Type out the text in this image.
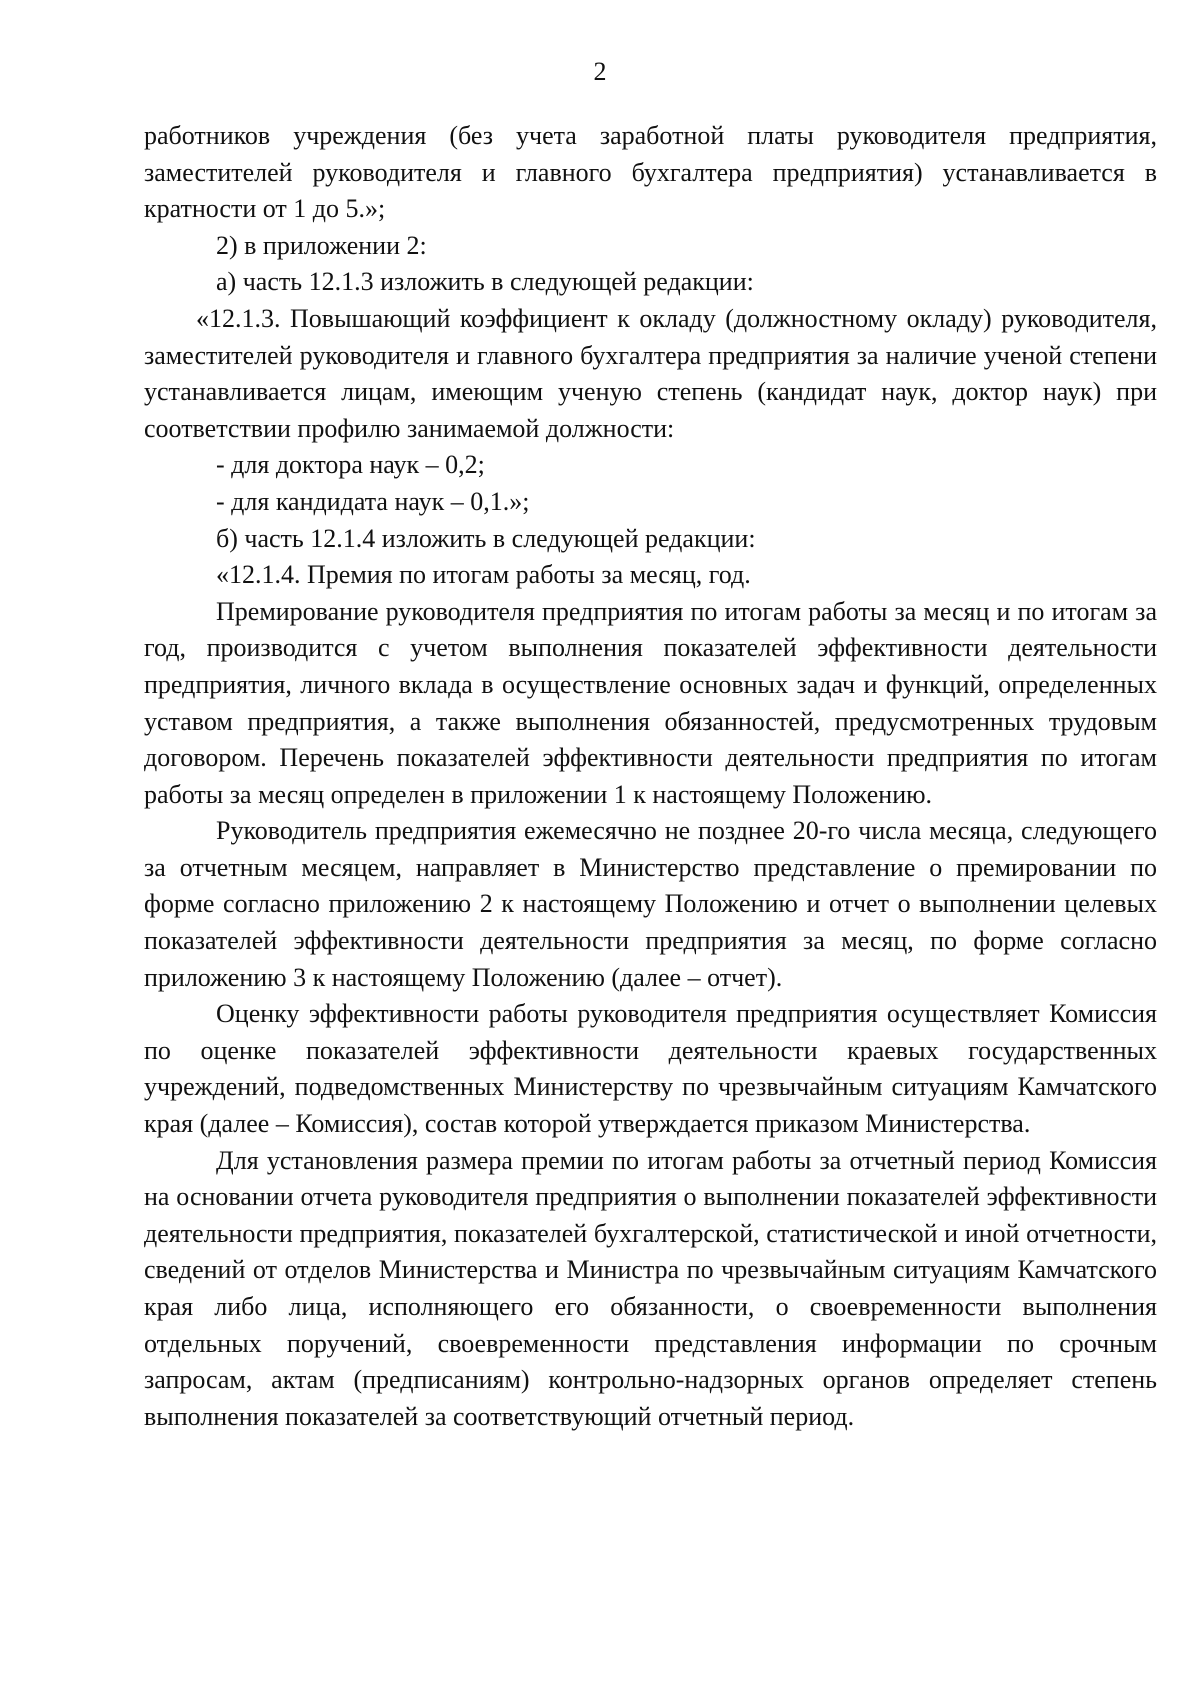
2

работников учреждения (без учета заработной платы руководителя предприятия, заместителей руководителя и главного бухгалтера предприятия) устанавливается в кратности от 1 до 5.»;

2) в приложении 2:

а) часть 12.1.3 изложить в следующей редакции:

«12.1.3. Повышающий коэффициент к окладу (должностному окладу) руководителя, заместителей руководителя и главного бухгалтера предприятия за наличие ученой степени устанавливается лицам, имеющим ученую степень (кандидат наук, доктор наук) при соответствии профилю занимаемой должности:

- для доктора наук – 0,2;

- для кандидата наук – 0,1.»;

б) часть 12.1.4 изложить в следующей редакции:

«12.1.4. Премия по итогам работы за месяц, год.

Премирование руководителя предприятия по итогам работы за месяц и по итогам за год, производится с учетом выполнения показателей эффективности деятельности предприятия, личного вклада в осуществление основных задач и функций, определенных уставом предприятия, а также выполнения обязанностей, предусмотренных трудовым договором. Перечень показателей эффективности деятельности предприятия по итогам работы за месяц определен в приложении 1 к настоящему Положению.

Руководитель предприятия ежемесячно не позднее 20-го числа месяца, следующего за отчетным месяцем, направляет в Министерство представление о премировании по форме согласно приложению 2 к настоящему Положению и отчет о выполнении целевых показателей эффективности деятельности предприятия за месяц, по форме согласно приложению 3 к настоящему Положению (далее – отчет).

Оценку эффективности работы руководителя предприятия осуществляет Комиссия по оценке показателей эффективности деятельности краевых государственных учреждений, подведомственных Министерству по чрезвычайным ситуациям Камчатского края (далее – Комиссия), состав которой утверждается приказом Министерства.

Для установления размера премии по итогам работы за отчетный период Комиссия на основании отчета руководителя предприятия о выполнении показателей эффективности деятельности предприятия, показателей бухгалтерской, статистической и иной отчетности, сведений от отделов Министерства и Министра по чрезвычайным ситуациям Камчатского края либо лица, исполняющего его обязанности, о своевременности выполнения отдельных поручений, своевременности представления информации по срочным запросам, актам (предписаниям) контрольно-надзорных органов определяет степень выполнения показателей за соответствующий отчетный период.
